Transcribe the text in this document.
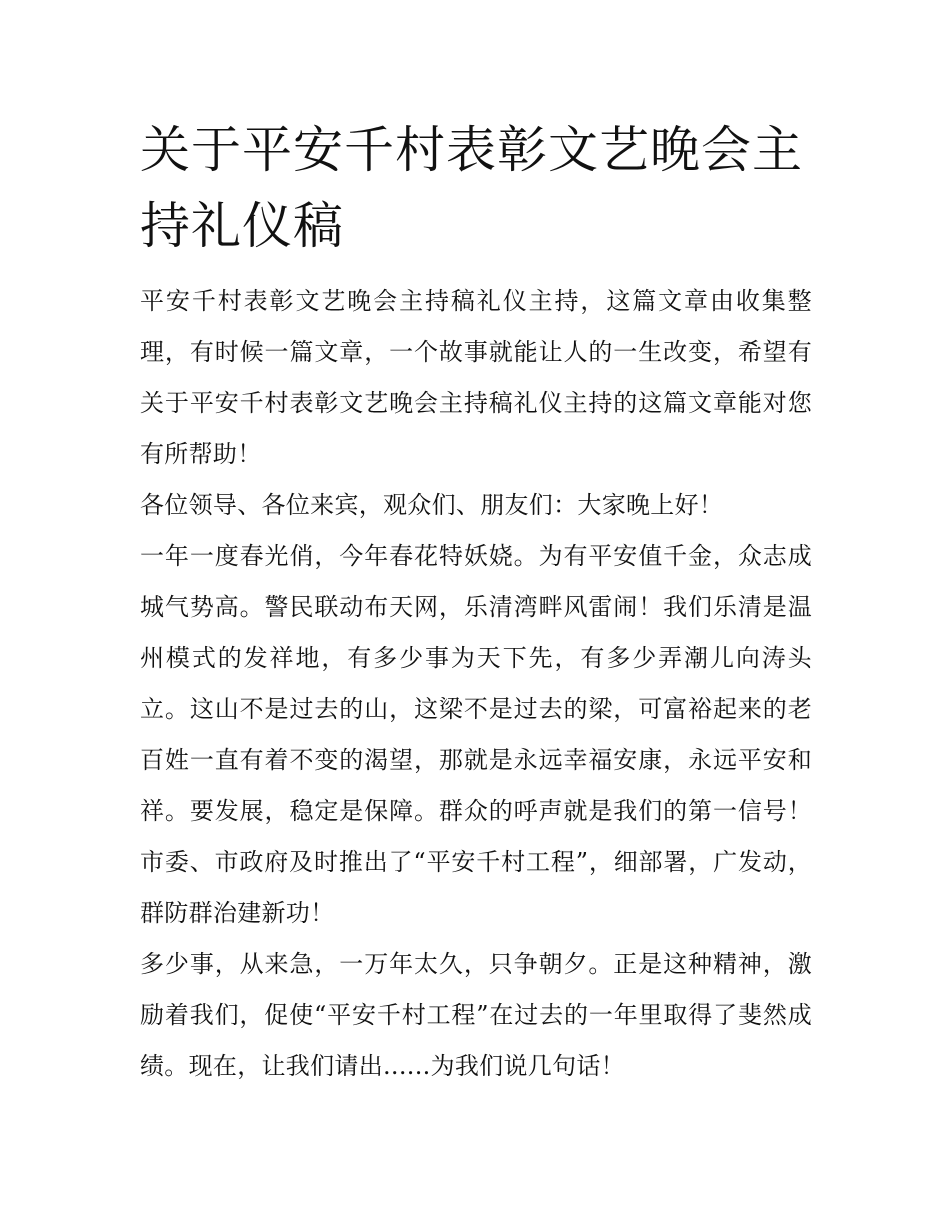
关于平安千村表彰文艺晚会主持礼仪稿

平安千村表彰文艺晚会主持稿礼仪主持，这篇文章由收集整理，有时候一篇文章，一个故事就能让人的一生改变，希望有关于平安千村表彰文艺晚会主持稿礼仪主持的这篇文章能对您有所帮助！

各位领导、各位来宾，观众们、朋友们：大家晚上好！

一年一度春光俏，今年春花特妖娆。为有平安值千金，众志成城气势高。警民联动布天网，乐清湾畔风雷闹！我们乐清是温州模式的发祥地，有多少事为天下先，有多少弄潮儿向涛头立。这山不是过去的山，这梁不是过去的梁，可富裕起来的老百姓一直有着不变的渴望，那就是永远幸福安康，永远平安和祥。要发展，稳定是保障。群众的呼声就是我们的第一信号！市委、市政府及时推出了“平安千村工程”，细部署，广发动，群防群治建新功！

多少事，从来急，一万年太久，只争朝夕。正是这种精神，激励着我们，促使“平安千村工程”在过去的一年里取得了斐然成绩。现在，让我们请出......为我们说几句话！
